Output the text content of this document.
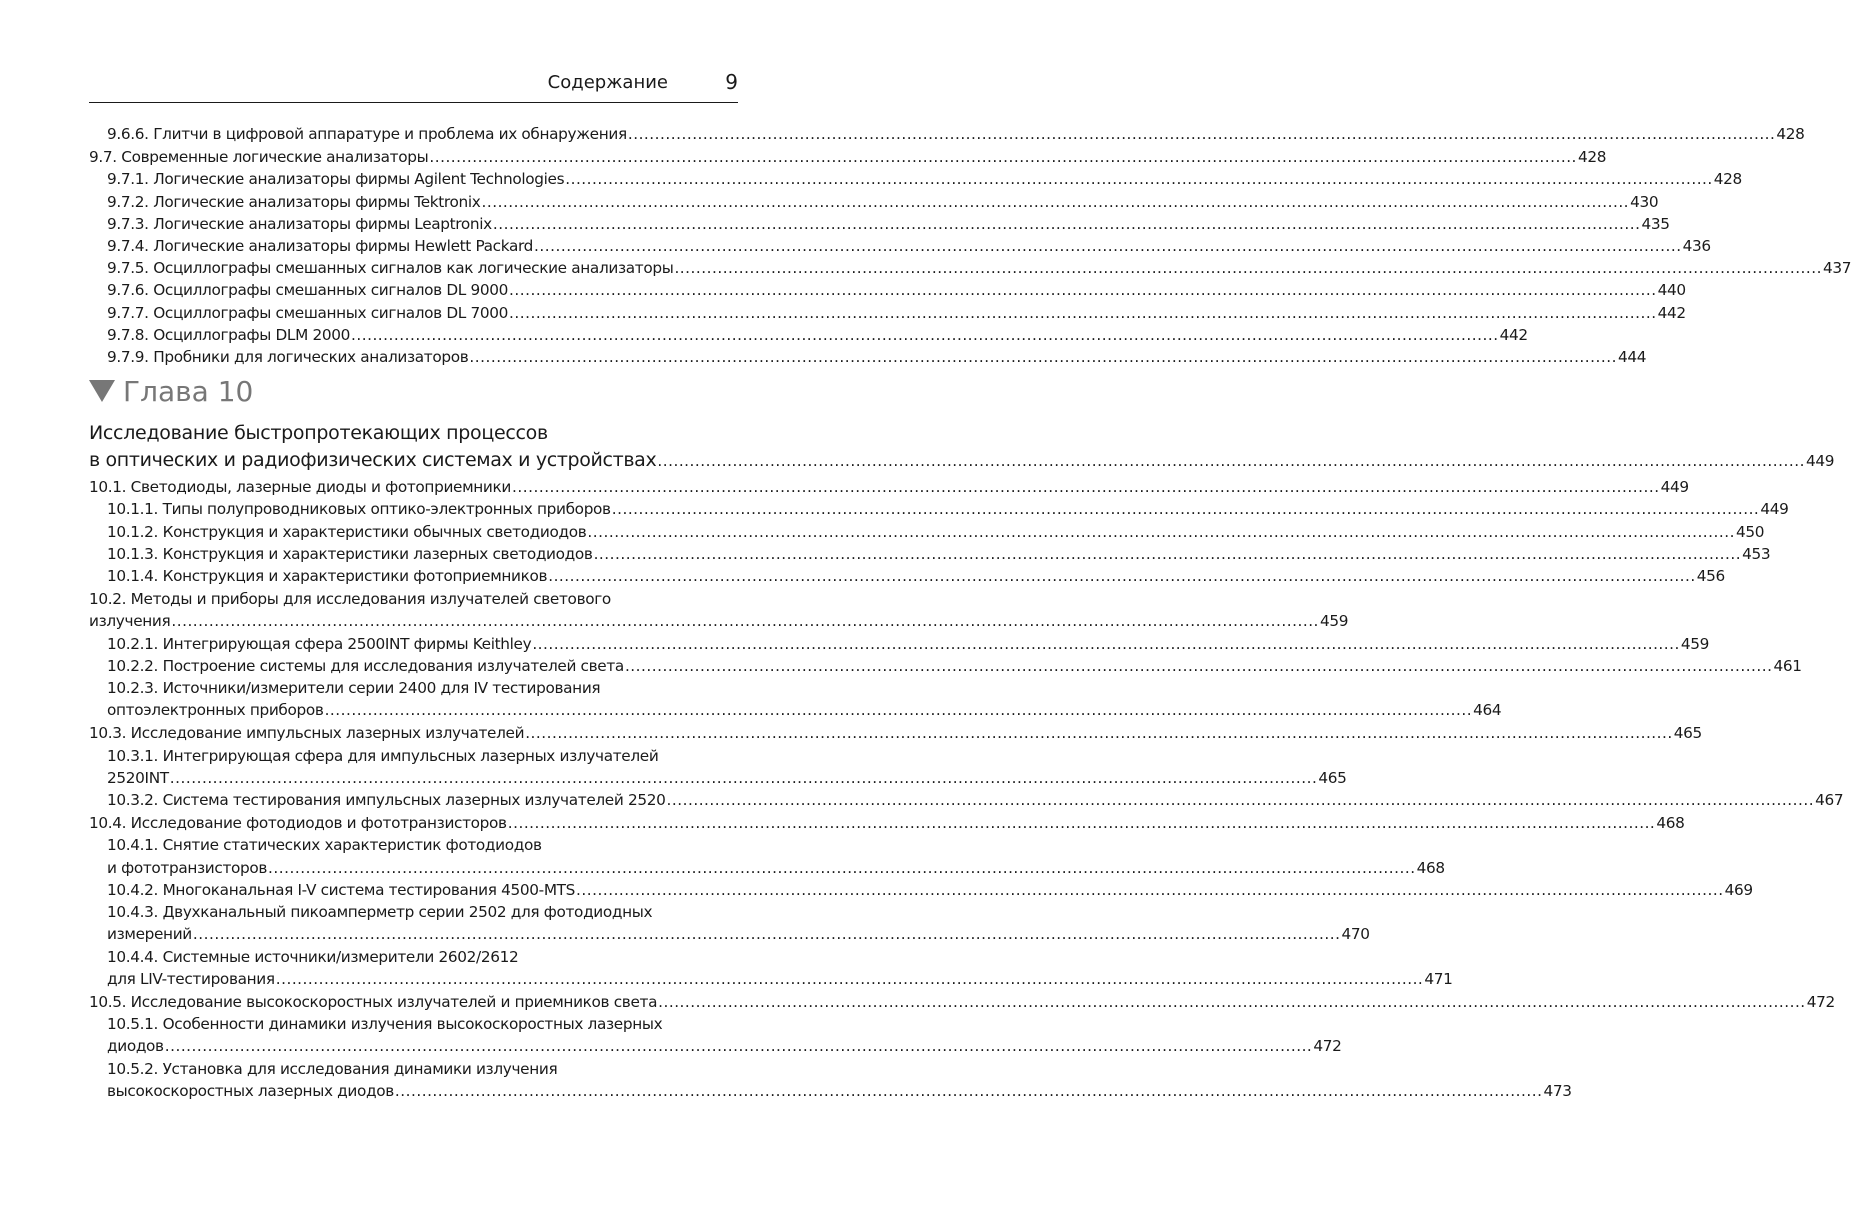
Содержание	9
9.6.6. Глитчи в цифровой аппаратуре и проблема их обнаружения .....	428
9.7. Современные логические анализаторы .....	428
9.7.1. Логические анализаторы фирмы Agilent Technologies .....	428
9.7.2. Логические анализаторы фирмы Tektronix .....	430
9.7.3. Логические анализаторы фирмы Leaptronix .....	435
9.7.4. Логические анализаторы фирмы Hewlett Packard .....	436
9.7.5. Осциллографы смешанных сигналов как логические анализаторы .....	437
9.7.6. Осциллографы смешанных сигналов DL 9000 .....	440
9.7.7. Осциллографы смешанных сигналов DL 7000 .....	442
9.7.8. Осциллографы DLM 2000 .....	442
9.7.9. Пробники для логических анализаторов .....	444
Глава 10
Исследование быстропротекающих процессов
в оптических и радиофизических системах и устройствах .....	449
10.1. Светодиоды, лазерные диоды и фотоприемники .....	449
10.1.1. Типы полупроводниковых оптико-электронных приборов .....	449
10.1.2. Конструкция и характеристики обычных светодиодов .....	450
10.1.3. Конструкция и характеристики лазерных светодиодов .....	453
10.1.4. Конструкция и характеристики фотоприемников .....	456
10.2. Методы и приборы для исследования излучателей светового
излучения .....	459
10.2.1. Интегрирующая сфера 2500INT фирмы Keithley .....	459
10.2.2. Построение системы для исследования излучателей света .....	461
10.2.3. Источники/измерители серии 2400 для IV тестирования
оптоэлектронных приборов .....	464
10.3. Исследование импульсных лазерных излучателей .....	465
10.3.1. Интегрирующая сфера для импульсных лазерных излучателей
2520INT .....	465
10.3.2. Система тестирования импульсных лазерных излучателей 2520 .....	467
10.4. Исследование фотодиодов и фототранзисторов .....	468
10.4.1. Снятие статических характеристик фотодиодов
и фототранзисторов .....	468
10.4.2. Многоканальная I-V система тестирования 4500-MTS .....	469
10.4.3. Двухканальный пикоамперметр серии 2502 для фотодиодных
измерений .....	470
10.4.4. Системные источники/измерители 2602/2612
для LIV-тестирования .....	471
10.5. Исследование высокоскоростных излучателей и приемников света .....	472
10.5.1. Особенности динамики излучения высокоскоростных лазерных
диодов .....	472
10.5.2. Установка для исследования динамики излучения
высокоскоростных лазерных диодов .....	473
